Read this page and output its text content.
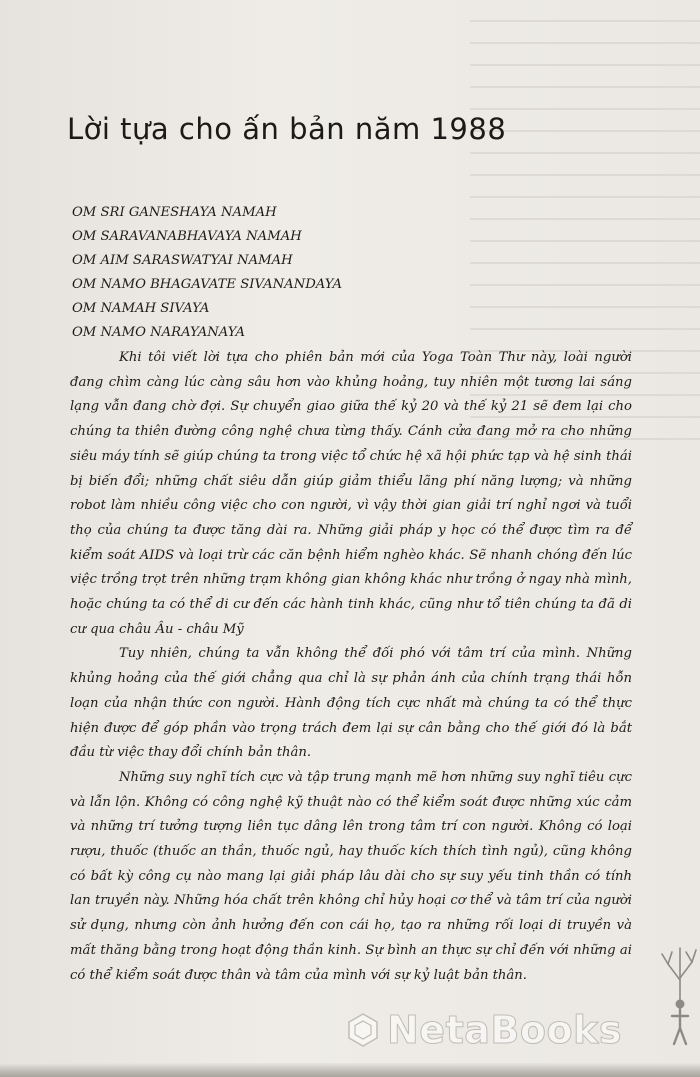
Lời tựa cho ấn bản năm 1988
OM SRI GANESHAYA NAMAH
OM SARAVANABHAVAYA NAMAH
OM AIM SARASWATYAI NAMAH
OM NAMO BHAGAVATE SIVANANDAYA
OM NAMAH SIVAYA
OM NAMO NARAYANAYA

Khi tôi viết lời tựa cho phiên bản mới của Yoga Toàn Thư này, loài người đang chìm càng lúc càng sâu hơn vào khủng hoảng, tuy nhiên một tương lai sáng lạng vẫn đang chờ đợi. Sự chuyển giao giữa thế kỷ 20 và thế kỷ 21 sẽ đem lại cho chúng ta thiên đường công nghệ chưa từng thấy. Cánh cửa đang mở ra cho những siêu máy tính sẽ giúp chúng ta trong việc tổ chức hệ xã hội phức tạp và hệ sinh thái bị biến đổi; những chất siêu dẫn giúp giảm thiểu lãng phí năng lượng; và những robot làm nhiều công việc cho con người, vì vậy thời gian giải trí nghỉ ngơi và tuổi thọ của chúng ta được tăng dài ra. Những giải pháp y học có thể được tìm ra để kiểm soát AIDS và loại trừ các căn bệnh hiểm nghèo khác. Sẽ nhanh chóng đến lúc việc trồng trọt trên những trạm không gian không khác như trồng ở ngay nhà mình, hoặc chúng ta có thể di cư đến các hành tinh khác, cũng như tổ tiên chúng ta đã di cư qua châu Âu - châu Mỹ

Tuy nhiên, chúng ta vẫn không thể đối phó với tâm trí của mình. Những khủng hoảng của thế giới chẳng qua chỉ là sự phản ánh của chính trạng thái hỗn loạn của nhận thức con người. Hành động tích cực nhất mà chúng ta có thể thực hiện được để góp phần vào trọng trách đem lại sự cân bằng cho thế giới đó là bắt đầu từ việc thay đổi chính bản thân.

Những suy nghĩ tích cực và tập trung mạnh mẽ hơn những suy nghĩ tiêu cực và lẫn lộn. Không có công nghệ kỹ thuật nào có thể kiểm soát được những xúc cảm và những trí tưởng tượng liên tục dâng lên trong tâm trí con người. Không có loại rượu, thuốc (thuốc an thần, thuốc ngủ, hay thuốc kích thích tình ngủ), cũng không có bất kỳ công cụ nào mang lại giải pháp lâu dài cho sự suy yếu tinh thần có tính lan truyền này. Những hóa chất trên không chỉ hủy hoại cơ thể và tâm trí của người sử dụng, nhưng còn ảnh hưởng đến con cái họ, tạo ra những rối loại di truyền và mất thăng bằng trong hoạt động thần kinh. Sự bình an thực sự chỉ đến với những ai có thể kiểm soát được thân và tâm của mình với sự kỷ luật bản thân.

NetaBooks
